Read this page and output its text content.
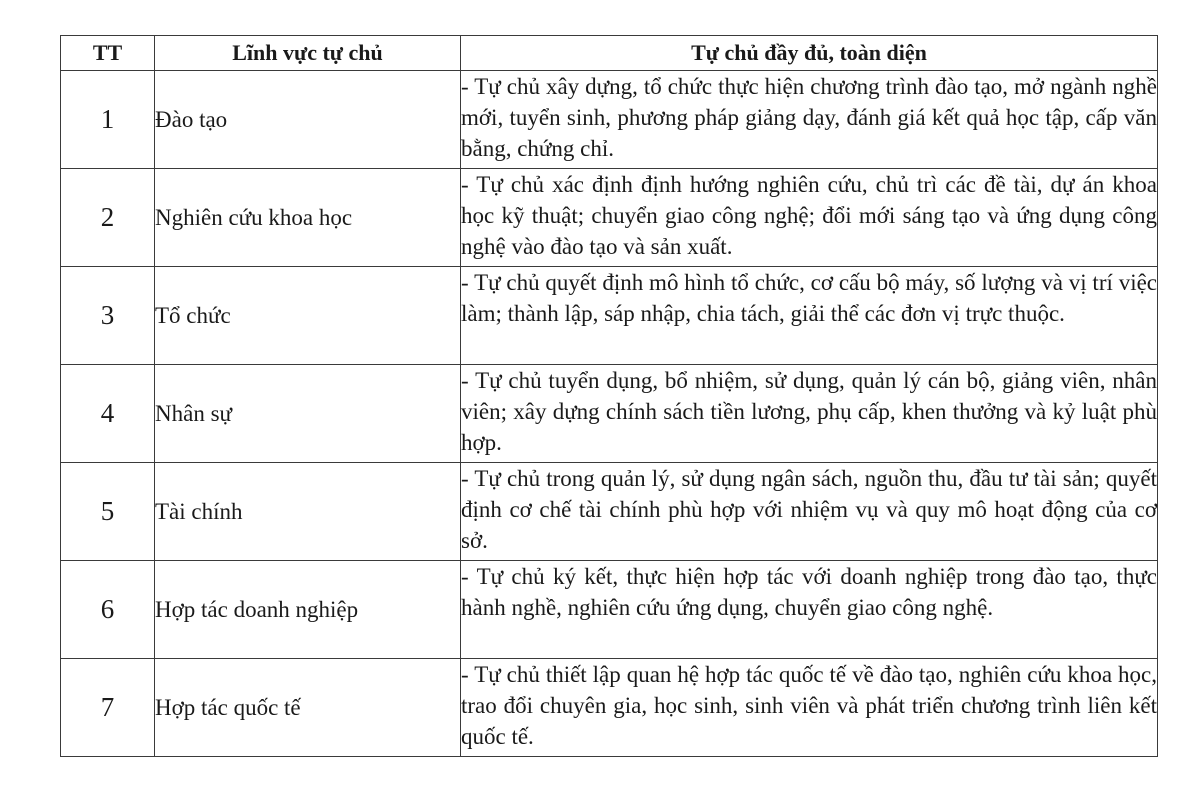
TT	Lĩnh vực tự chủ	Tự chủ đầy đủ, toàn diện
1	Đào tạo	- Tự chủ xây dựng, tổ chức thực hiện chương trình đào tạo, mở ngành nghề mới, tuyển sinh, phương pháp giảng dạy, đánh giá kết quả học tập, cấp văn bằng, chứng chỉ.
2	Nghiên cứu khoa học	- Tự chủ xác định định hướng nghiên cứu, chủ trì các đề tài, dự án khoa học kỹ thuật; chuyển giao công nghệ; đổi mới sáng tạo và ứng dụng công nghệ vào đào tạo và sản xuất.
3	Tổ chức	- Tự chủ quyết định mô hình tổ chức, cơ cấu bộ máy, số lượng và vị trí việc làm; thành lập, sáp nhập, chia tách, giải thể các đơn vị trực thuộc.
4	Nhân sự	- Tự chủ tuyển dụng, bổ nhiệm, sử dụng, quản lý cán bộ, giảng viên, nhân viên; xây dựng chính sách tiền lương, phụ cấp, khen thưởng và kỷ luật phù hợp.
5	Tài chính	- Tự chủ trong quản lý, sử dụng ngân sách, nguồn thu, đầu tư tài sản; quyết định cơ chế tài chính phù hợp với nhiệm vụ và quy mô hoạt động của cơ sở.
6	Hợp tác doanh nghiệp	- Tự chủ ký kết, thực hiện hợp tác với doanh nghiệp trong đào tạo, thực hành nghề, nghiên cứu ứng dụng, chuyển giao công nghệ.
7	Hợp tác quốc tế	- Tự chủ thiết lập quan hệ hợp tác quốc tế về đào tạo, nghiên cứu khoa học, trao đổi chuyên gia, học sinh, sinh viên và phát triển chương trình liên kết quốc tế.
